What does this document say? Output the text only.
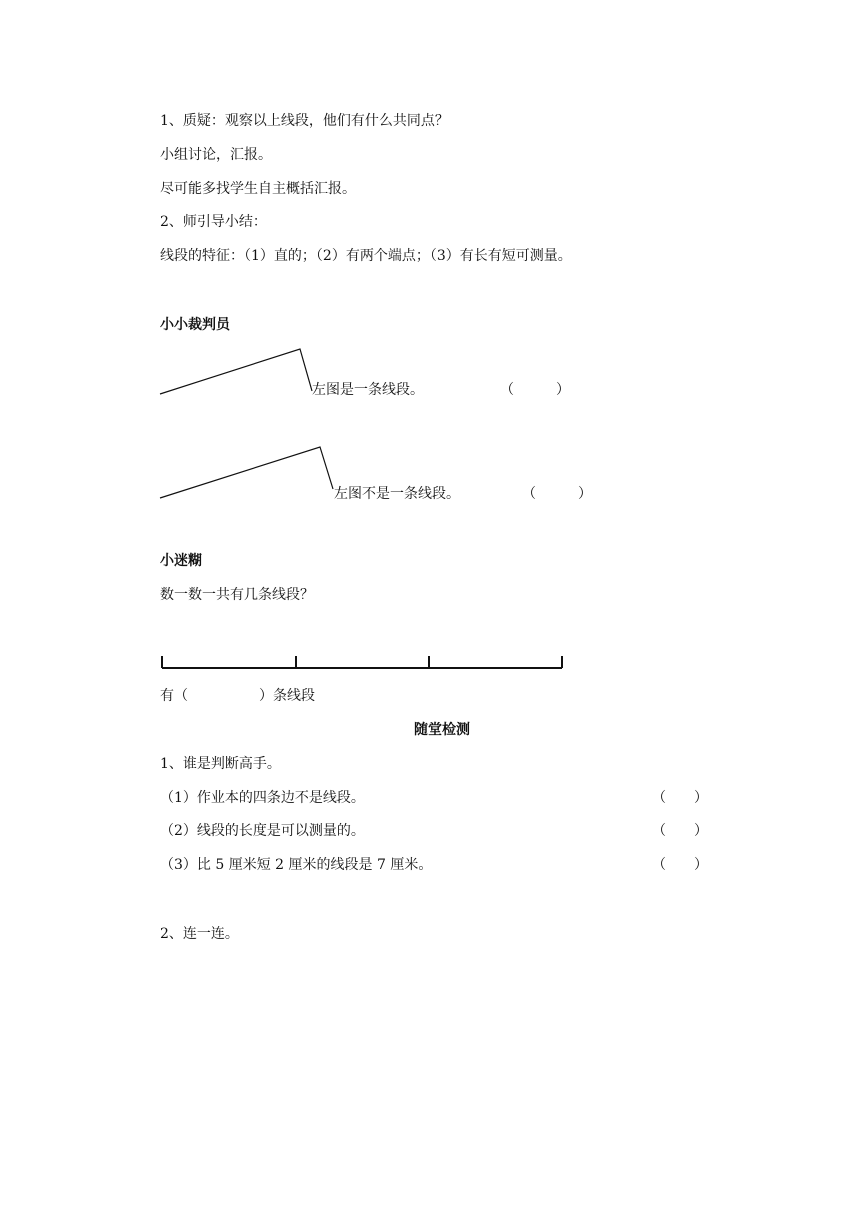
1、质疑：观察以上线段，他们有什么共同点？
小组讨论，汇报。
尽可能多找学生自主概括汇报。
2、师引导小结：
线段的特征：（1）直的；（2）有两个端点；（3）有长有短可测量。
小小裁判员
左图是一条线段。	（　　　）
左图不是一条线段。	（　　　）
小迷糊
数一数一共有几条线段？
有（	）条线段
随堂检测
1、谁是判断高手。
（1）作业本的四条边不是线段。	（　　）
（2）线段的长度是可以测量的。	（　　）
（3）比 5 厘米短 2 厘米的线段是 7 厘米。	（　　）
2、连一连。
